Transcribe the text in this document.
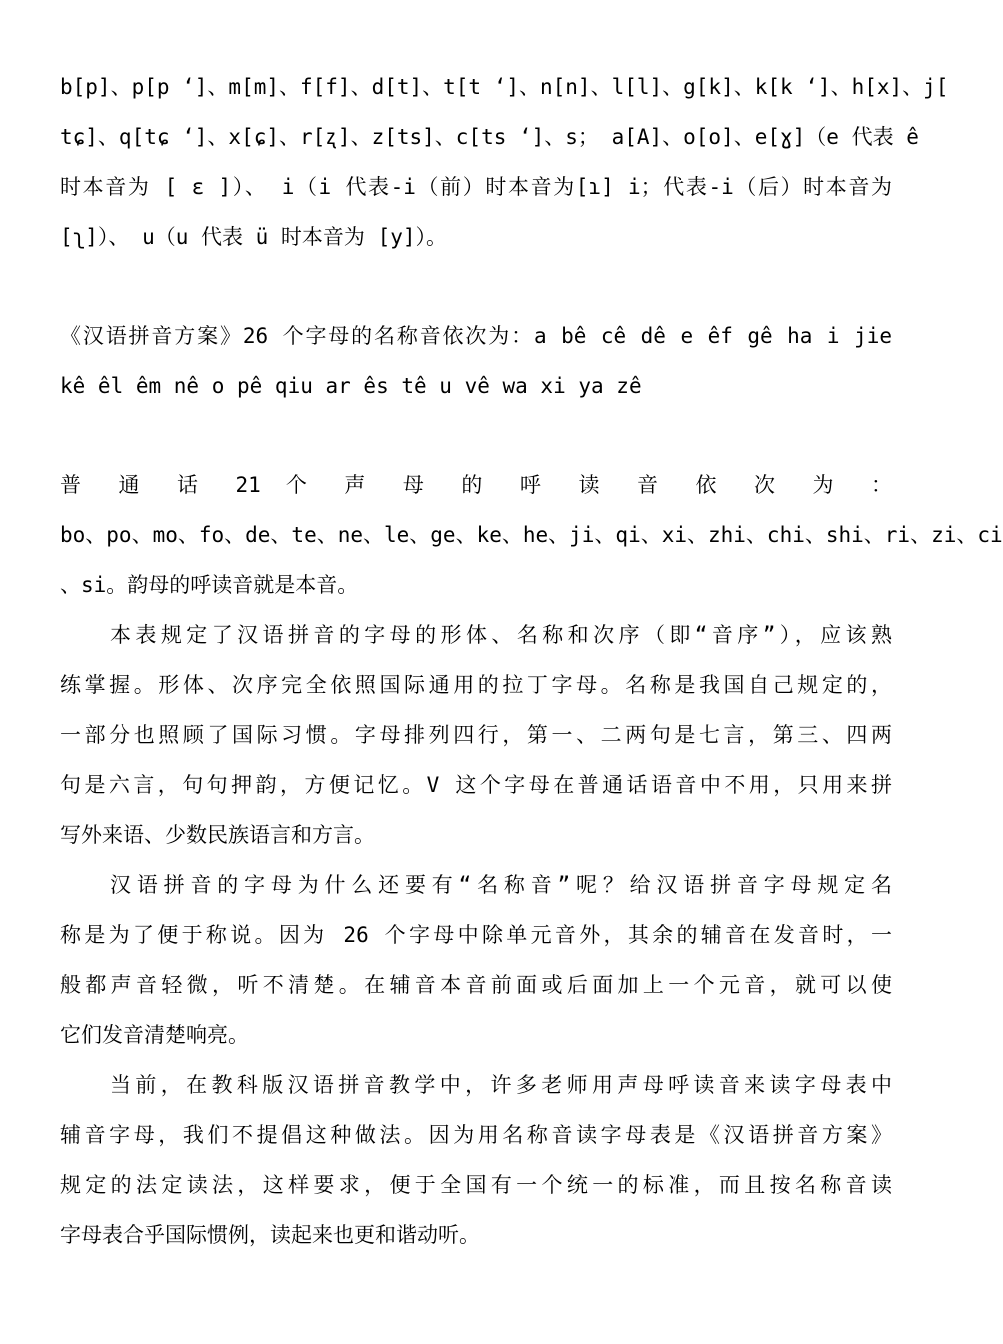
b[p]、p[p ‘]、m[m]、f[f]、d[t]、t[t ‘]、n[n]、l[l]、g[k]、k[k ‘]、h[x]、j[
tɕ]、q[tɕ ‘]、x[ɕ]、r[ʐ]、z[ts]、c[ts ‘]、s； a[A]、o[o]、e[ɣ]（e 代表 ê
时本音为 [ ɛ ]）、 i（i 代表-i（前）时本音为[ɿ] i；代表-i（后）时本音为
[ʅ]）、 u（u 代表 ü 时本音为 [y]）。
《汉语拼音方案》26 个字母的名称音依次为：a bê cê dê e êf gê ha i jie
kê êl êm nê o pê qiu ar ês tê u vê wa xi ya zê
普 通 话 21 个 声 母 的 呼 读 音 依 次 为 ：
bo、po、mo、fo、de、te、ne、le、ge、ke、he、ji、qi、xi、zhi、chi、shi、ri、zi、ci
、si。韵母的呼读音就是本音。
本表规定了汉语拼音的字母的形体、名称和次序（即“音序”），应该熟
练掌握。形体、次序完全依照国际通用的拉丁字母。名称是我国自己规定的，
一部分也照顾了国际习惯。字母排列四行，第一、二两句是七言，第三、四两
句是六言，句句押韵，方便记忆。V 这个字母在普通话语音中不用，只用来拼
写外来语、少数民族语言和方言。
汉语拼音的字母为什么还要有“名称音”呢？给汉语拼音字母规定名
称是为了便于称说。因为 26 个字母中除单元音外，其余的辅音在发音时，一
般都声音轻微，听不清楚。在辅音本音前面或后面加上一个元音，就可以使
它们发音清楚响亮。
当前，在教科版汉语拼音教学中，许多老师用声母呼读音来读字母表中
辅音字母，我们不提倡这种做法。因为用名称音读字母表是《汉语拼音方案》
规定的法定读法，这样要求，便于全国有一个统一的标准，而且按名称音读
字母表合乎国际惯例，读起来也更和谐动听。
